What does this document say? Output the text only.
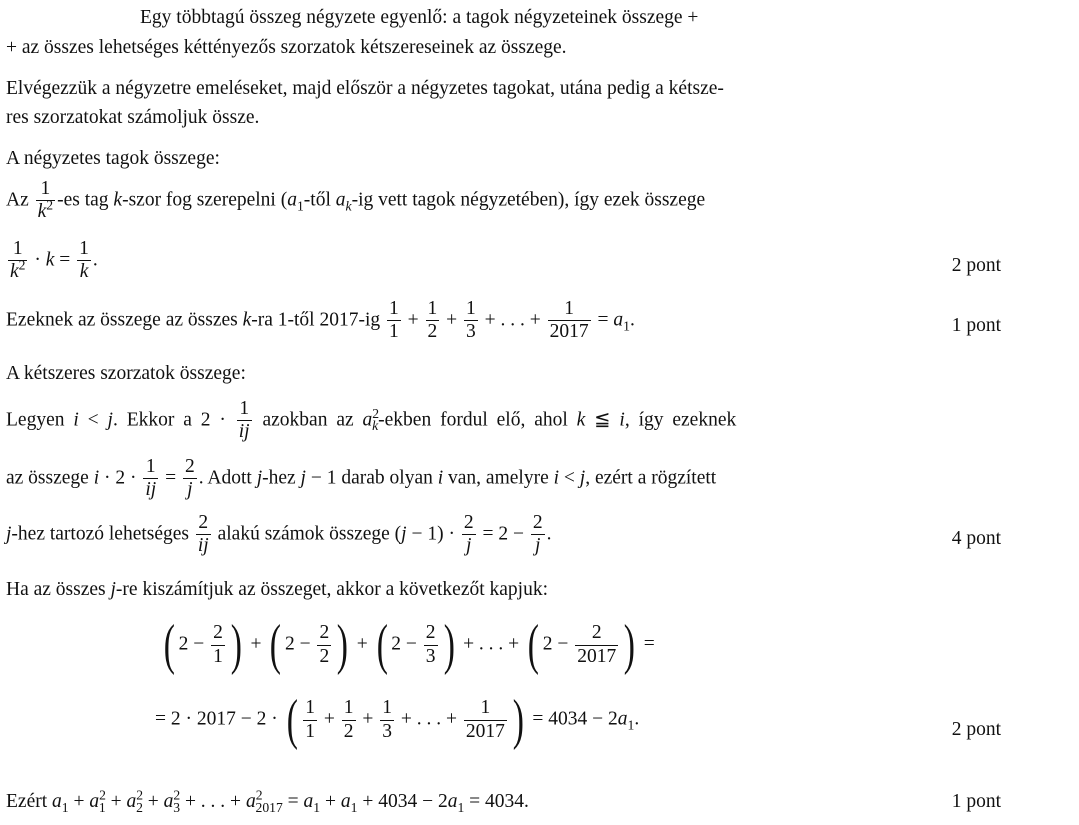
Egy többtagú összeg négyzete egyenlő: a tagok négyzeteinek összege +
+ az összes lehetséges kéttényezős szorzatok kétszereseinek az összege.
Elvégezzük a négyzetre emeléseket, majd először a négyzetes tagokat, utána pedig a kétsze-
res szorzatokat számoljuk össze.
A négyzetes tagok összege:
Az $\frac{1}{k^2} -es$ tag k-szor fog szerepelni ($a_1$-től $a_k-ig$ vett tagok négyzetében), így ezek összege
$\frac{1}{k^2} \cdot k = \frac{1}{k}$ .	2 pont
Ezeknek az összege az összes k-ra 1-től $2017-ig \frac{1}{1} + \frac{1}{2} + \frac{1}{3}$ + . . . + $\frac{1}{2017} = a_1$.	1 pont
A kétszeres szorzatok összege:
Legyen i < j. Ekkor a $2 \cdot \frac{1}{ij}$ azokban az $a^2_k$-ekben fordul elő, ahol k ≦ i, így ezeknek
az összege $i \cdot 2 \cdot \frac{1}{ij} = \frac{2}{j}$ . Adott j-hez j − 1 darab olyan i van, amelyre i < j, ezért a rögzített
j-hez tartozó lehetséges $\frac{2}{ij}$ alakú számok összege $(j - 1) \cdot \frac{2}{j} = 2 - \frac{2}{j}$ .	4 pont
Ha az összes j-re kiszámítjuk az összeget, akkor a következőt kapjuk:
( $2 - \frac{2}{1}$ ) + ( $2 - \frac{2}{2}$ ) + ( $2 - \frac{2}{3}$ ) + . . . + ( $2 - \frac{2}{2017}$ ) =
= 2 · 2017 − 2 · ( $\frac{1}{1} + \frac{1}{2} + \frac{1}{3}$ + . . . + $\frac{1}{2017}$ ) = $4034 - 2a_1$.
2 pont
Ezért $a_1 + a^2_1 + a^2_2 + a^2_3$ + . . . + $a^2_{2017} = a_1 + a_1 + 4034 - 2a_1 = 4034$.	1 pont
